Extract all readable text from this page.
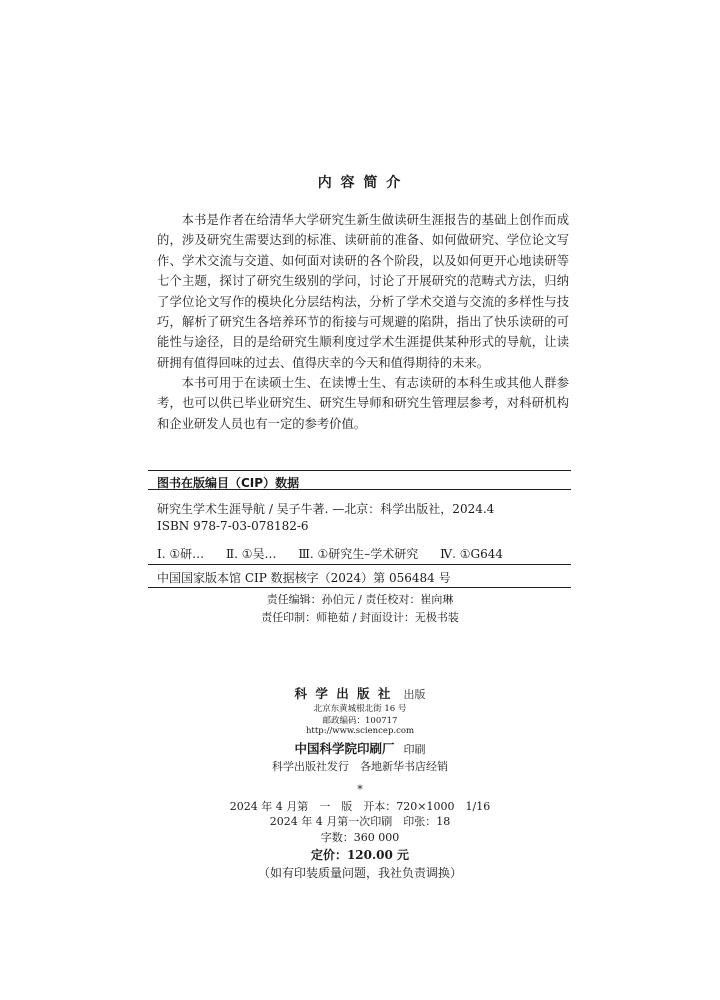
内 容 简 介

本书是作者在给清华大学研究生新生做读研生涯报告的基础上创作而成的，涉及研究生需要达到的标准、读研前的准备、如何做研究、学位论文写作、学术交流与交道、如何面对读研的各个阶段，以及如何更开心地读研等七个主题，探讨了研究生级别的学问，讨论了开展研究的范畴式方法，归纳了学位论文写作的模块化分层结构法，分析了学术交道与交流的多样性与技巧，解析了研究生各培养环节的衔接与可规避的陷阱，指出了快乐读研的可能性与途径，目的是给研究生顺利度过学术生涯提供某种形式的导航，让读研拥有值得回味的过去、值得庆幸的今天和值得期待的未来。

本书可用于在读硕士生、在读博士生、有志读研的本科生或其他人群参考，也可以供已毕业研究生、研究生导师和研究生管理层参考，对科研机构和企业研发人员也有一定的参考价值。

图书在版编目（CIP）数据
研究生学术生涯导航 / 吴子牛著. —北京：科学出版社，2024.4
ISBN 978-7-03-078182-6
Ⅰ. ①研… Ⅱ. ①吴… Ⅲ. ①研究生–学术研究 Ⅳ. ①G644
中国国家版本馆 CIP 数据核字（2024）第 056484 号
责任编辑：孙伯元 / 责任校对：崔向琳
责任印制：师艳茹 / 封面设计：无极书装
科 学 出 版 社 出版
北京东黄城根北街 16 号
邮政编码：100717
http://www.sciencep.com
中国科学院印刷厂 印刷
科学出版社发行　各地新华书店经销
*
2024 年 4 月第　一　版　开本：720×1000　1/16
2024 年 4 月第一次印刷　印张：18
字数：360 000
定价：120.00 元
（如有印装质量问题，我社负责调换）
